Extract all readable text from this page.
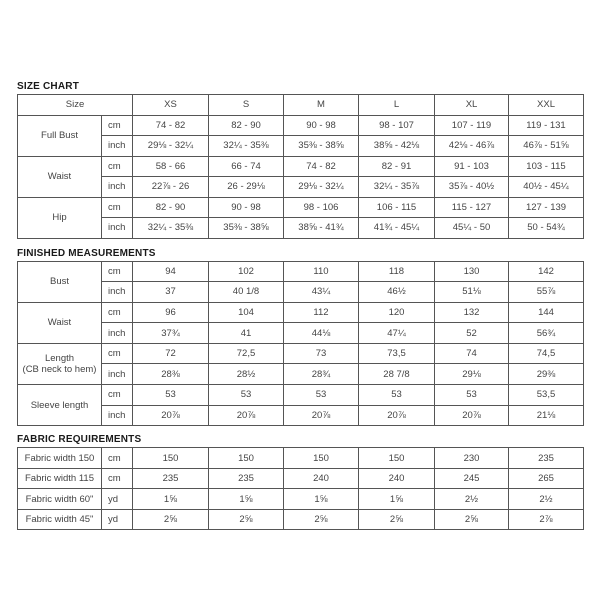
SIZE CHART
Size		XS	S	M	L	XL	XXL
Full Bust	cm	74 - 82	82 - 90	90 - 98	98 - 107	107 - 119	119 - 131
	inch	29⅛ - 32¼	32¼ - 35⅜	35⅜ - 38⅝	38⅝ - 42⅛	42⅛ - 46⅞	46⅞ - 51⅝
Waist	cm	58 - 66	66 - 74	74 - 82	82 - 91	91 - 103	103 - 115
	inch	22⅞ - 26	26 - 29⅛	29⅛ - 32¼	32¼ - 35⅞	35⅞ - 40½	40½ - 45¼
Hip	cm	82 - 90	90 - 98	98 - 106	106 - 115	115 - 127	127 - 139
	inch	32¼ - 35⅜	35⅜ - 38⅝	38⅝ - 41¾	41¾ - 45¼	45¼ - 50	50 - 54¾
FINISHED MEASUREMENTS
Bust	cm	94	102	110	118	130	142
	inch	37	40 1/8	43¼	46½	51⅛	55⅞
Waist	cm	96	104	112	120	132	144
	inch	37¾	41	44⅛	47¼	52	56¾

Length
(CB neck to hem)	cm	72	72,5	73	73,5	74	74,5
	inch	28⅜	28½	28¾	28 7/8	29⅛	29⅜
Sleeve length	cm	53	53	53	53	53	53,5
	inch	20⅞	20⅞	20⅞	20⅞	20⅞	21⅛
FABRIC REQUIREMENTS
Fabric width 150	cm	150	150	150	150	230	235
Fabric width 115	cm	235	235	240	240	245	265
Fabric width 60"	yd	1⅝	1⅝	1⅝	1⅝	2½	2½
Fabric width 45"	yd	2⅝	2⅝	2⅝	2⅝	2⅝	2⅞
